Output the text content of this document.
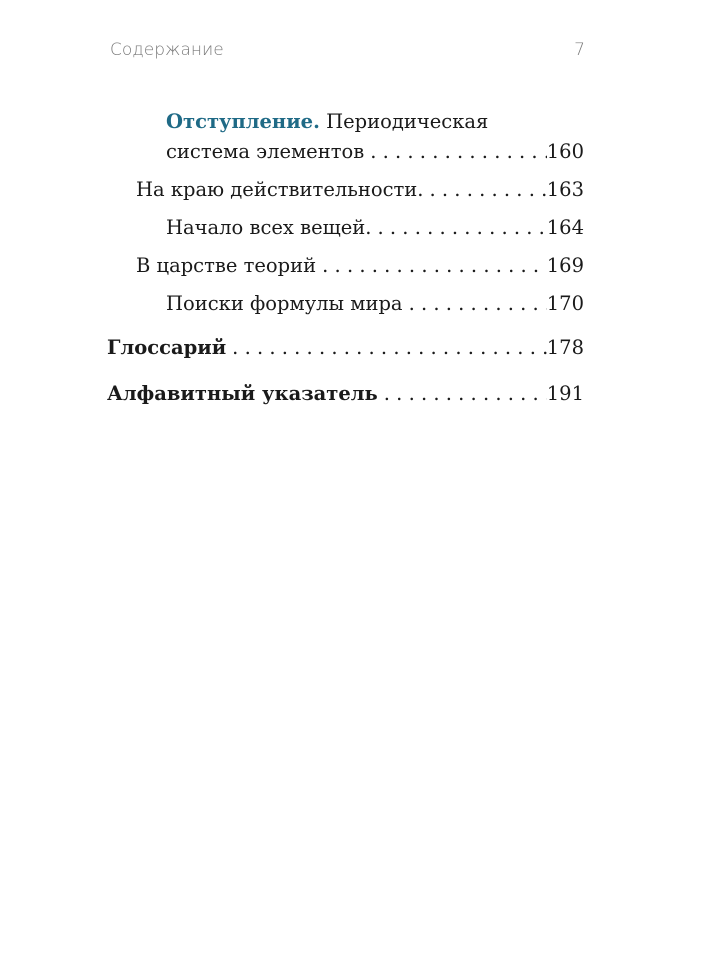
Содержание	7
Отступление. Периодическая
система элементов . . .	160
На краю действительности. . . .	163
Начало всех вещей. . . .	164
В царстве теорий . . .	169
Поиски формулы мира . . .	170
Глоссарий . . .	178
Алфавитный указатель . . .	191
